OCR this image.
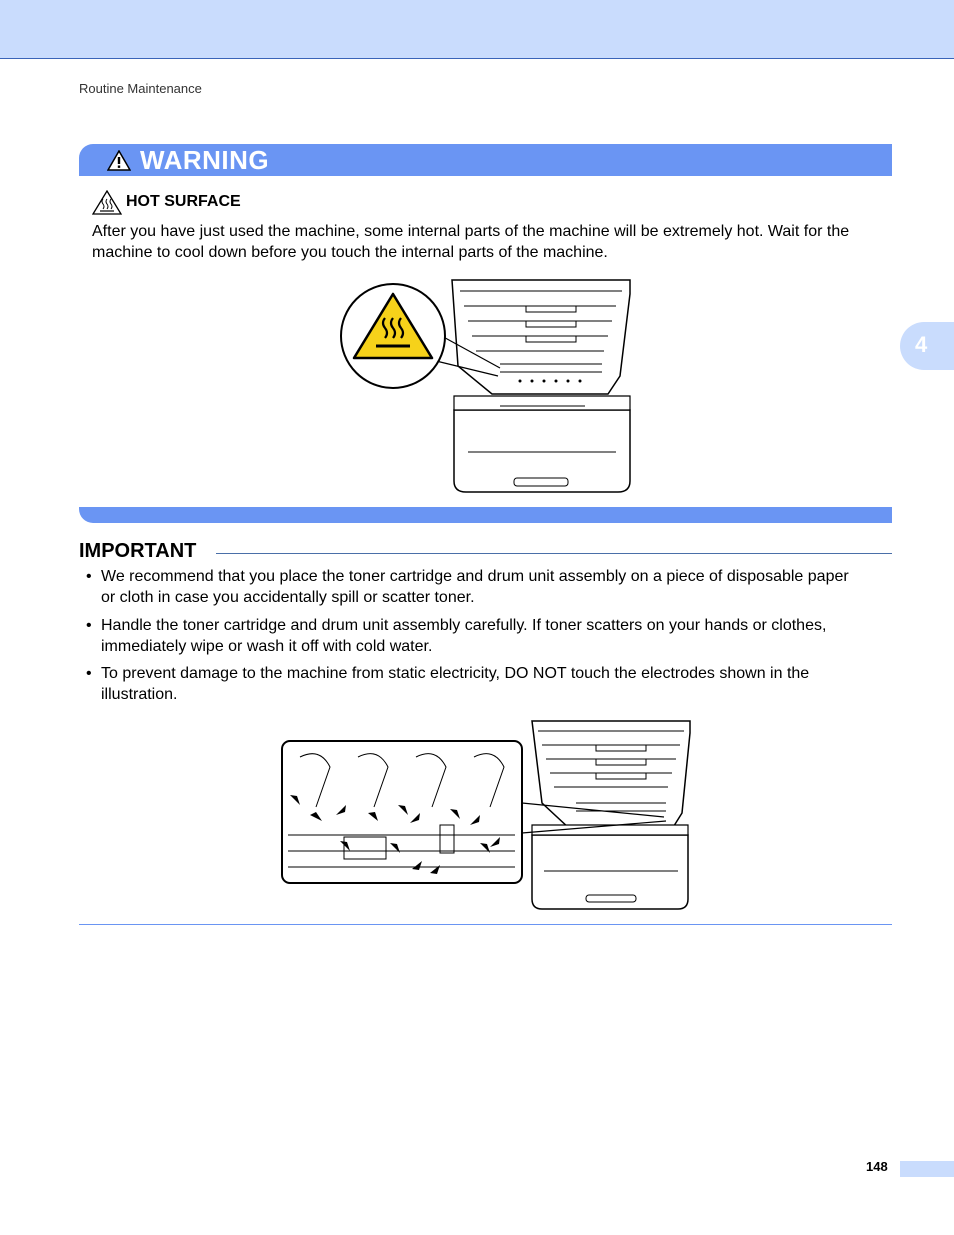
Routine Maintenance
4
WARNING
HOT SURFACE
After you have just used the machine, some internal parts of the machine will be extremely hot. Wait for the
machine to cool down before you touch the internal parts of the machine.
IMPORTANT
• We recommend that you place the toner cartridge and drum unit assembly on a piece of disposable paper
or cloth in case you accidentally spill or scatter toner.
• Handle the toner cartridge and drum unit assembly carefully. If toner scatters on your hands or clothes,
immediately wipe or wash it off with cold water.
• To prevent damage to the machine from static electricity, DO NOT touch the electrodes shown in the
illustration.
148
